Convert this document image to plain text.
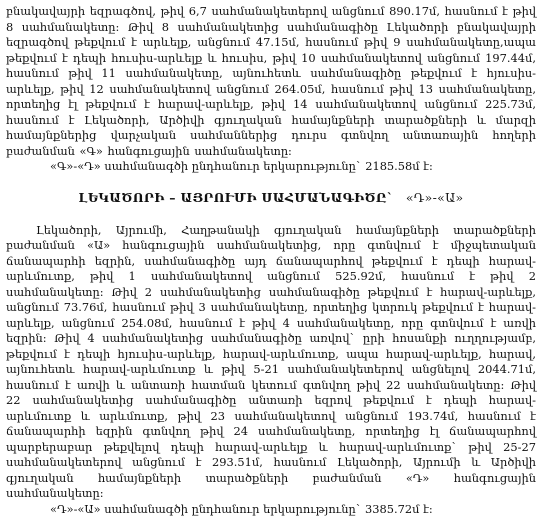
բնակավայրի եզրագծով, թիվ 6,7 սահմանակետերով անցնում 890.17մ, հասնում է թիվ 8 սահմանակետը: Թիվ 8 սահմանակետից սահմանագիծը Լեկածորի բնակավայրի եզրագծով թեքվում է արևելք, անցնում 47.15մ, հասնում թիվ 9 սահմանակետը,ապա թեքվում է դեպի հուսիս-արևելք և հուսիս, թիվ 10 սահմանակետով անցնում 197.44մ, հասնում թիվ 11 սահմանակետը, այնուհետև սահմանագիծը թեքվում է հյուսիս-արևելք, թիվ 12 սահմանակետով անցնում 264.05մ, հասնում թիվ 13 սահմանակետը, որտեղից էլ թեքվում է հարավ-արևելք, թիվ 14 սահմանակետով անցնում 225.73մ, հասնում է Լեկածորի, Արծիվի գյուղական համայնքների տարածքների և մարզի համայնքներից վարչական սահմաններից դուրս գտնվող անտառային հողերի բաժանման «Գ» հանգուցային սահմանակետը:

«Գ»-«Դ» սահմանագծի ընդհանուր երկարությունը` 2185.58մ է:

ԼԵԿԱԾՈՐԻ – ԱՅՐՈՒՄԻ ՍԱՀՄԱՆԱԳԻԾԸ` «Դ»-«Ա»

Լեկածորի, Այրումի, Հաղթանակի գյուղական համայնքների տարածքների բաժանման «Ա» հանգուցային սահմանակետից, որը գտնվում է միջպետական ճանապարհի եզրին, սահմանագիծը այդ ճանապարհով թեքվում է դեպի հարավ-արևմուտք, թիվ 1 սահմանակետով անցնում 525.92մ, հասնում է թիվ 2 սահմանակետը: Թիվ 2 սահմանակետից սահմանագիծը թեքվում է հարավ-արևելք, անցնում 73.76մ, հասնում թիվ 3 սահմանակետը, որտեղից կտրուկ թեքվում է հարավ-արևելք, անցնում 254.08մ, հասնում է թիվ 4 սահմանակետը, որը գտնվում է առվի եզրին: Թիվ 4 սահմանակետից սահմանագիծը առվով` ըրի հոսանքի ուղղությամբ, թեքվում է դեպի հյուսիս-արևելք, հարավ-արևմուտք, ապա հարավ-արևելք, հարավ, այնուհետև հարավ-արևմուտք և թիվ 5-21 սահմանակետերով անցնելով 2044.71մ, հասնում է առվի և անտառի հատման կետում գտնվող թիվ 22 սահմանակետը: Թիվ 22 սահմանակետից սահմանագիծը անտառի եզրով թեքվում է դեպի հարավ-արևմուտք և արևմուտք, թիվ 23 սահմանակետով անցնում 193.74մ, հասնում է ճանապարհի եզրին գտնվող թիվ 24 սահմանակետը, որտեղից էլ ճանապարհով պարբերաբար թեքվելով դեպի հարավ-արևելք և հարավ-արևմուտք` թիվ 25-27 սահմանակետերով անցնում է 293.51մ, հասնում Լեկածորի, Այրումի և Արծիվի գյուղական համայնքների տարածքների բաժանման «Դ» հանգուցային սահմանակետը:

«Դ»-«Ա» սահմանագծի ընդհանուր երկարությունը` 3385.72մ է:
